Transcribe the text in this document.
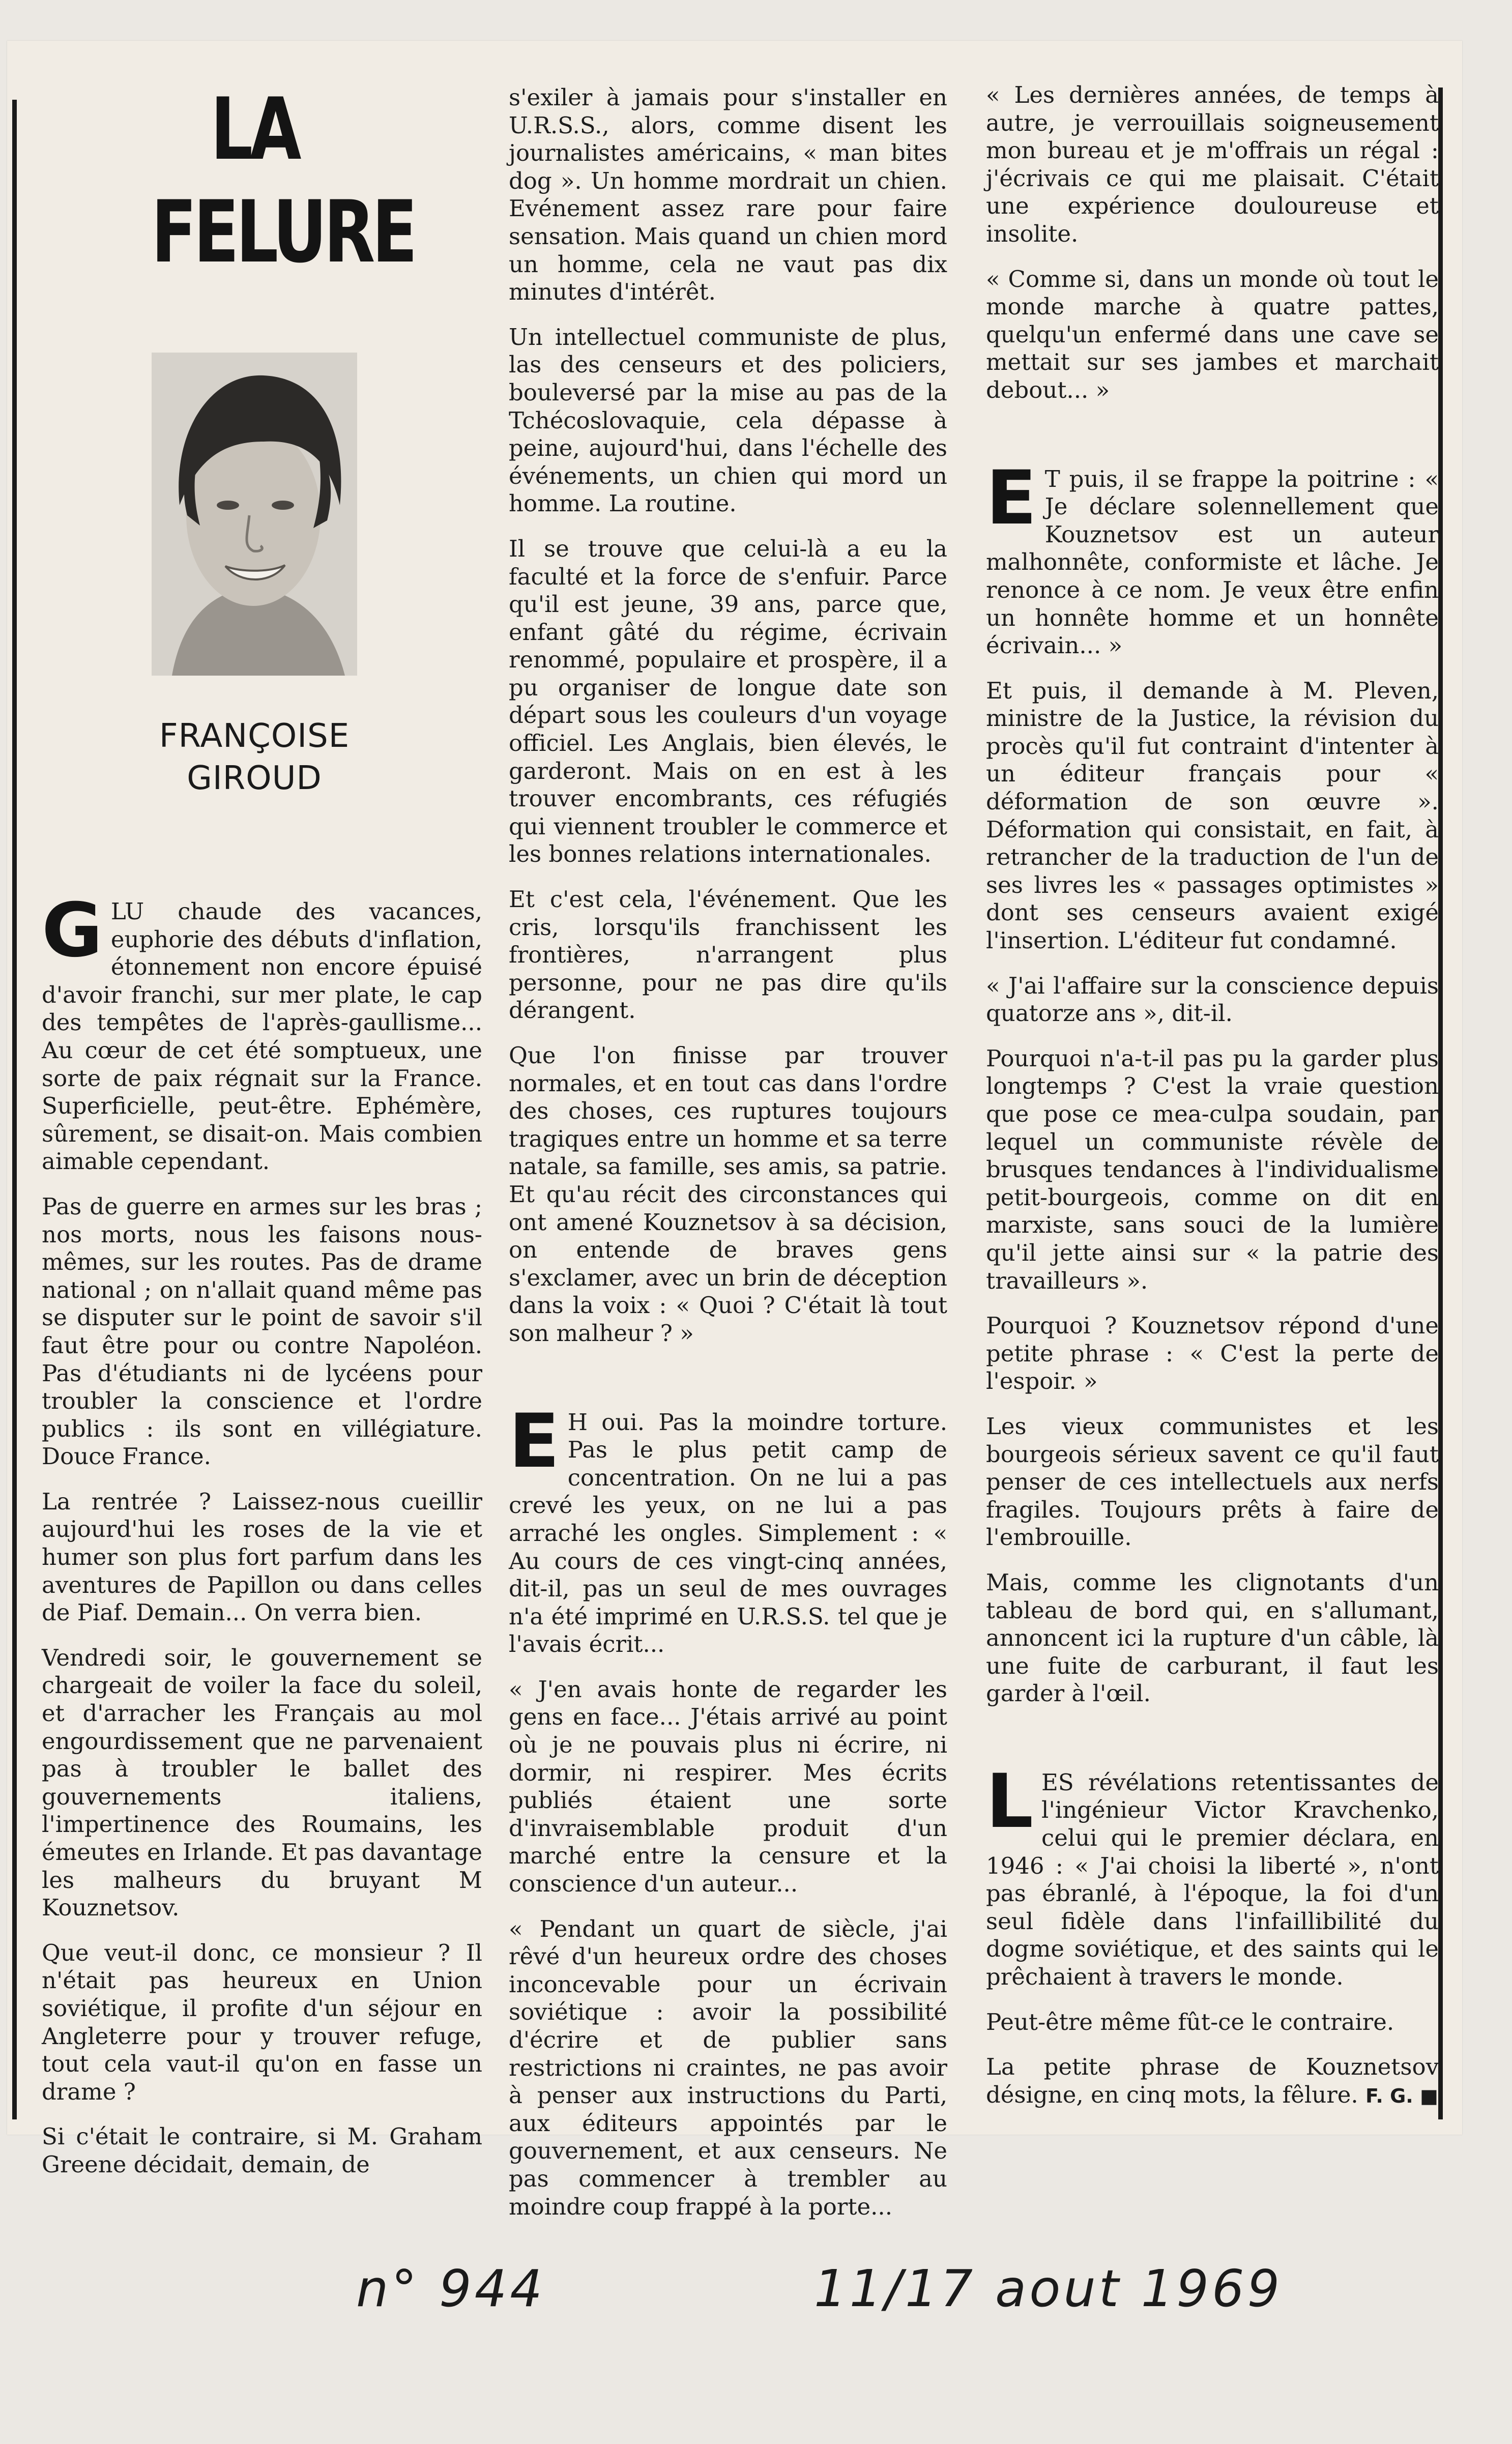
LA
FELURE
FRANÇOISE
GIROUD

GLU chaude des vacances, euphorie des débuts d'inflation, étonnement non encore épuisé d'avoir franchi, sur mer plate, le cap des tempêtes de l'après-gaullisme... Au cœur de cet été somptueux, une sorte de paix régnait sur la France. Superficielle, peut-être. Ephémère, sûrement, se disait-on. Mais combien aimable cependant.

Pas de guerre en armes sur les bras ; nos morts, nous les faisons nous-mêmes, sur les routes. Pas de drame national ; on n'allait quand même pas se disputer sur le point de savoir s'il faut être pour ou contre Napoléon. Pas d'étudiants ni de lycéens pour troubler la conscience et l'ordre publics : ils sont en villégiature. Douce France.

La rentrée ? Laissez-nous cueillir aujourd'hui les roses de la vie et humer son plus fort parfum dans les aventures de Papillon ou dans celles de Piaf. Demain... On verra bien.

Vendredi soir, le gouvernement se chargeait de voiler la face du soleil, et d'arracher les Français au mol engourdissement que ne parvenaient pas à troubler le ballet des gouvernements italiens, l'impertinence des Roumains, les émeutes en Irlande. Et pas davantage les malheurs du bruyant M Kouznetsov.

Que veut-il donc, ce monsieur ? Il n'était pas heureux en Union soviétique, il profite d'un séjour en Angleterre pour y trouver refuge, tout cela vaut-il qu'on en fasse un drame ?

Si c'était le contraire, si M. Graham Greene décidait, demain, de

s'exiler à jamais pour s'installer en U.R.S.S., alors, comme disent les journalistes américains, « man bites dog ». Un homme mordrait un chien. Evénement assez rare pour faire sensation. Mais quand un chien mord un homme, cela ne vaut pas dix minutes d'intérêt.

Un intellectuel communiste de plus, las des censeurs et des policiers, bouleversé par la mise au pas de la Tchécoslovaquie, cela dépasse à peine, aujourd'hui, dans l'échelle des événements, un chien qui mord un homme. La routine.

Il se trouve que celui-là a eu la faculté et la force de s'enfuir. Parce qu'il est jeune, 39 ans, parce que, enfant gâté du régime, écrivain renommé, populaire et prospère, il a pu organiser de longue date son départ sous les couleurs d'un voyage officiel. Les Anglais, bien élevés, le garderont. Mais on en est à les trouver encombrants, ces réfugiés qui viennent troubler le commerce et les bonnes relations internationales.

Et c'est cela, l'événement. Que les cris, lorsqu'ils franchissent les frontières, n'arrangent plus personne, pour ne pas dire qu'ils dérangent.

Que l'on finisse par trouver normales, et en tout cas dans l'ordre des choses, ces ruptures toujours tragiques entre un homme et sa terre natale, sa famille, ses amis, sa patrie. Et qu'au récit des circonstances qui ont amené Kouznetsov à sa décision, on entende de braves gens s'exclamer, avec un brin de déception dans la voix : « Quoi ? C'était là tout son malheur ? »

E H oui. Pas la moindre torture. Pas le plus petit camp de concentration. On ne lui a pas crevé les yeux, on ne lui a pas arraché les ongles. Simplement : « Au cours de ces vingt-cinq années, dit-il, pas un seul de mes ouvrages n'a été imprimé en U.R.S.S. tel que je l'avais écrit...

« J'en avais honte de regarder les gens en face... J'étais arrivé au point où je ne pouvais plus ni écrire, ni dormir, ni respirer. Mes écrits publiés étaient une sorte d'invraisemblable produit d'un marché entre la censure et la conscience d'un auteur...

« Pendant un quart de siècle, j'ai rêvé d'un heureux ordre des choses inconcevable pour un écrivain soviétique : avoir la possibilité d'écrire et de publier sans restrictions ni craintes, ne pas avoir à penser aux instructions du Parti, aux éditeurs appointés par le gouvernement, et aux censeurs. Ne pas commencer à trembler au moindre coup frappé à la porte...

« Les dernières années, de temps à autre, je verrouillais soigneusement mon bureau et je m'offrais un régal : j'écrivais ce qui me plaisait. C'était une expérience douloureuse et insolite.

« Comme si, dans un monde où tout le monde marche à quatre pattes, quelqu'un enfermé dans une cave se mettait sur ses jambes et marchait debout... »

E T puis, il se frappe la poitrine : « Je déclare solennellement que Kouznetsov est un auteur malhonnête, conformiste et lâche. Je renonce à ce nom. Je veux être enfin un honnête homme et un honnête écrivain... »

Et puis, il demande à M. Pleven, ministre de la Justice, la révision du procès qu'il fut contraint d'intenter à un éditeur français pour « déformation de son œuvre ». Déformation qui consistait, en fait, à retrancher de la traduction de l'un de ses livres les « passages optimistes » dont ses censeurs avaient exigé l'insertion. L'éditeur fut condamné.

« J'ai l'affaire sur la conscience depuis quatorze ans », dit-il.

Pourquoi n'a-t-il pas pu la garder plus longtemps ? C'est la vraie question que pose ce mea-culpa soudain, par lequel un communiste révèle de brusques tendances à l'individualisme petit-bourgeois, comme on dit en marxiste, sans souci de la lumière qu'il jette ainsi sur « la patrie des travailleurs ».

Pourquoi ? Kouznetsov répond d'une petite phrase : « C'est la perte de l'espoir. »

Les vieux communistes et les bourgeois sérieux savent ce qu'il faut penser de ces intellectuels aux nerfs fragiles. Toujours prêts à faire de l'embrouille.

Mais, comme les clignotants d'un tableau de bord qui, en s'allumant, annoncent ici la rupture d'un câble, là une fuite de carburant, il faut les garder à l'œil.

LES révélations retentissantes de l'ingénieur Victor Kravchenko, celui qui le premier déclara, en 1946 : « J'ai choisi la liberté », n'ont pas ébranlé, à l'époque, la foi d'un seul fidèle dans l'infaillibilité du dogme soviétique, et des saints qui le prêchaient à travers le monde.

Peut-être même fût-ce le contraire.

La petite phrase de Kouznetsov désigne, en cinq mots, la fêlure. F. G. ■

n° 944	11/17 aout 1969
